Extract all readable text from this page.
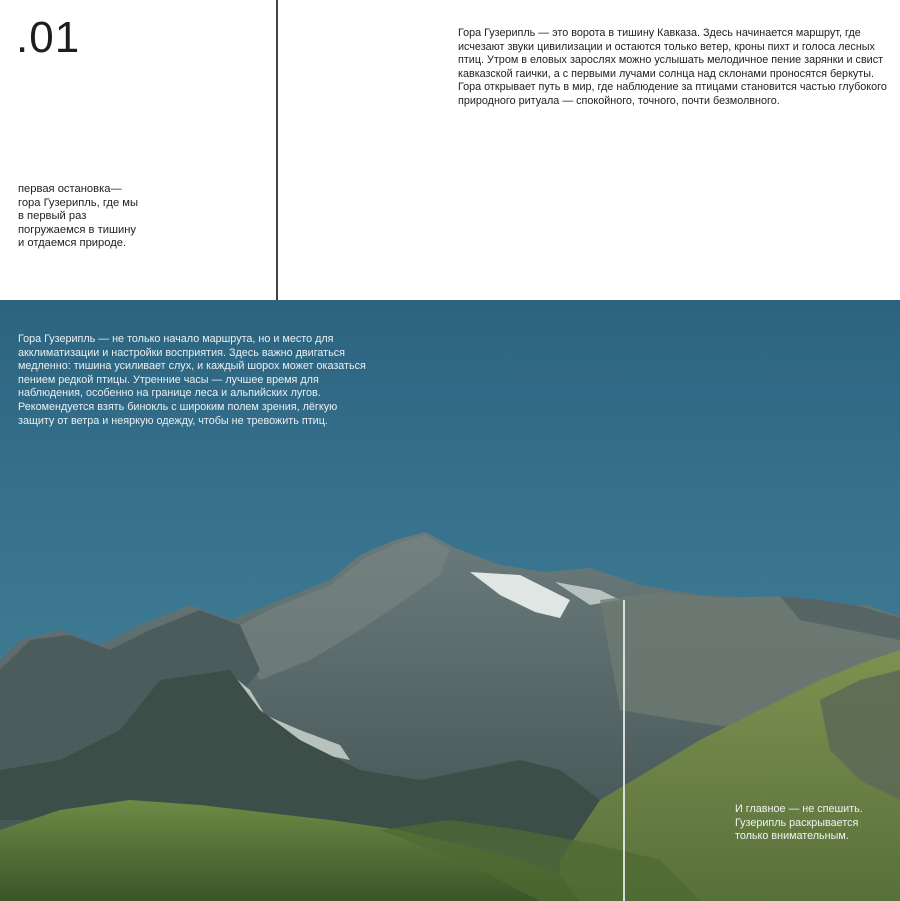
.01
первая остановка— гора Гузерипль, где мы в первый раз погружаемся в тишину и отдаемся природе.
Гора Гузерипль — это ворота в тишину Кавказа. Здесь начинается маршрут, где исчезают звуки цивилизации и остаются только ветер, кроны пихт и голоса лесных птиц. Утром в еловых зарослях можно услышать мелодичное пение зарянки и свист кавказской гаички, а с первыми лучами солнца над склонами проносятся беркуты. Гора открывает путь в мир, где наблюдение за птицами становится частью глубокого природного ритуала — спокойного, точного, почти безмолвного.
Гора Гузерипль — не только начало маршрута, но и место для акклиматизации и настройки восприятия. Здесь важно двигаться медленно: тишина усиливает слух, и каждый шорох может оказаться пением редкой птицы. Утренние часы — лучшее время для наблюдения, особенно на границе леса и альпийских лугов. Рекомендуется взять бинокль с широким полем зрения, лёгкую защиту от ветра и неяркую одежду, чтобы не тревожить птиц.
И главное — не спешить. Гузерипль раскрывается только внимательным.
